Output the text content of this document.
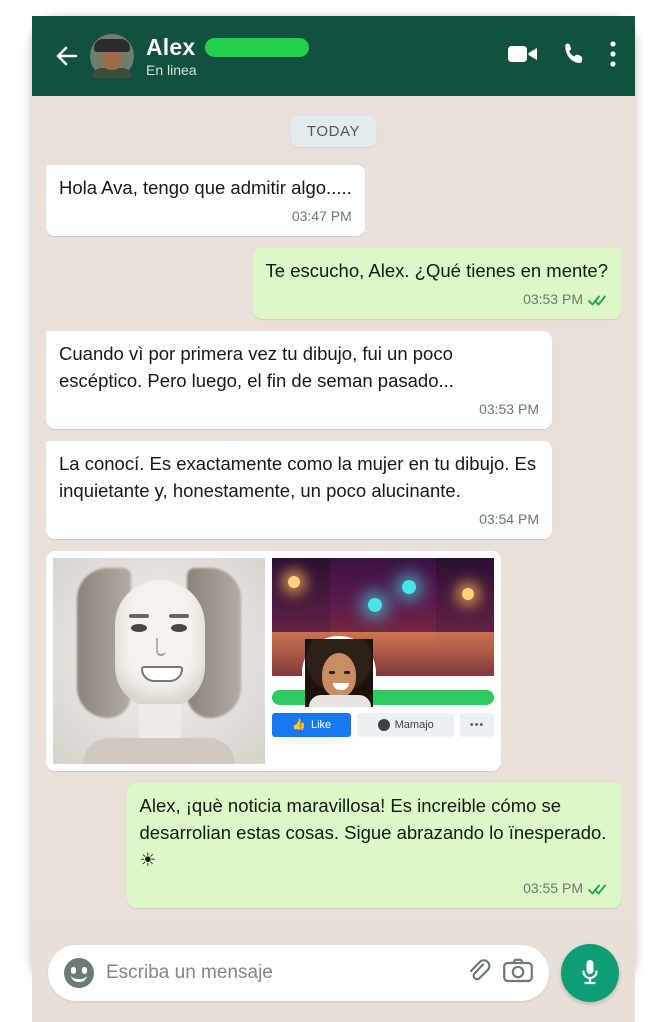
Alex
En linea
TODAY
Hola Ava, tengo que admitir algo.....
03:47 PM
Te escucho, Alex. ¿Qué tienes en mente?
03:53 PM
Cuando vì por primera vez tu dibujo, fui un poco escéptico. Pero luego, el fin de seman pasado...
03:53 PM
La conocí. Es exactamente como la mujer en tu dibujo. Es inquietante y, honestamente, un poco alucinante.
03:54 PM
👍 Like	Mamajo	•••
Alex, ¡què noticia maravillosa! Es increible cómo se desarrolian estas cosas. Sigue abrazando lo ïnesperado. ☀
03:55 PM
Escriba un mensaje
